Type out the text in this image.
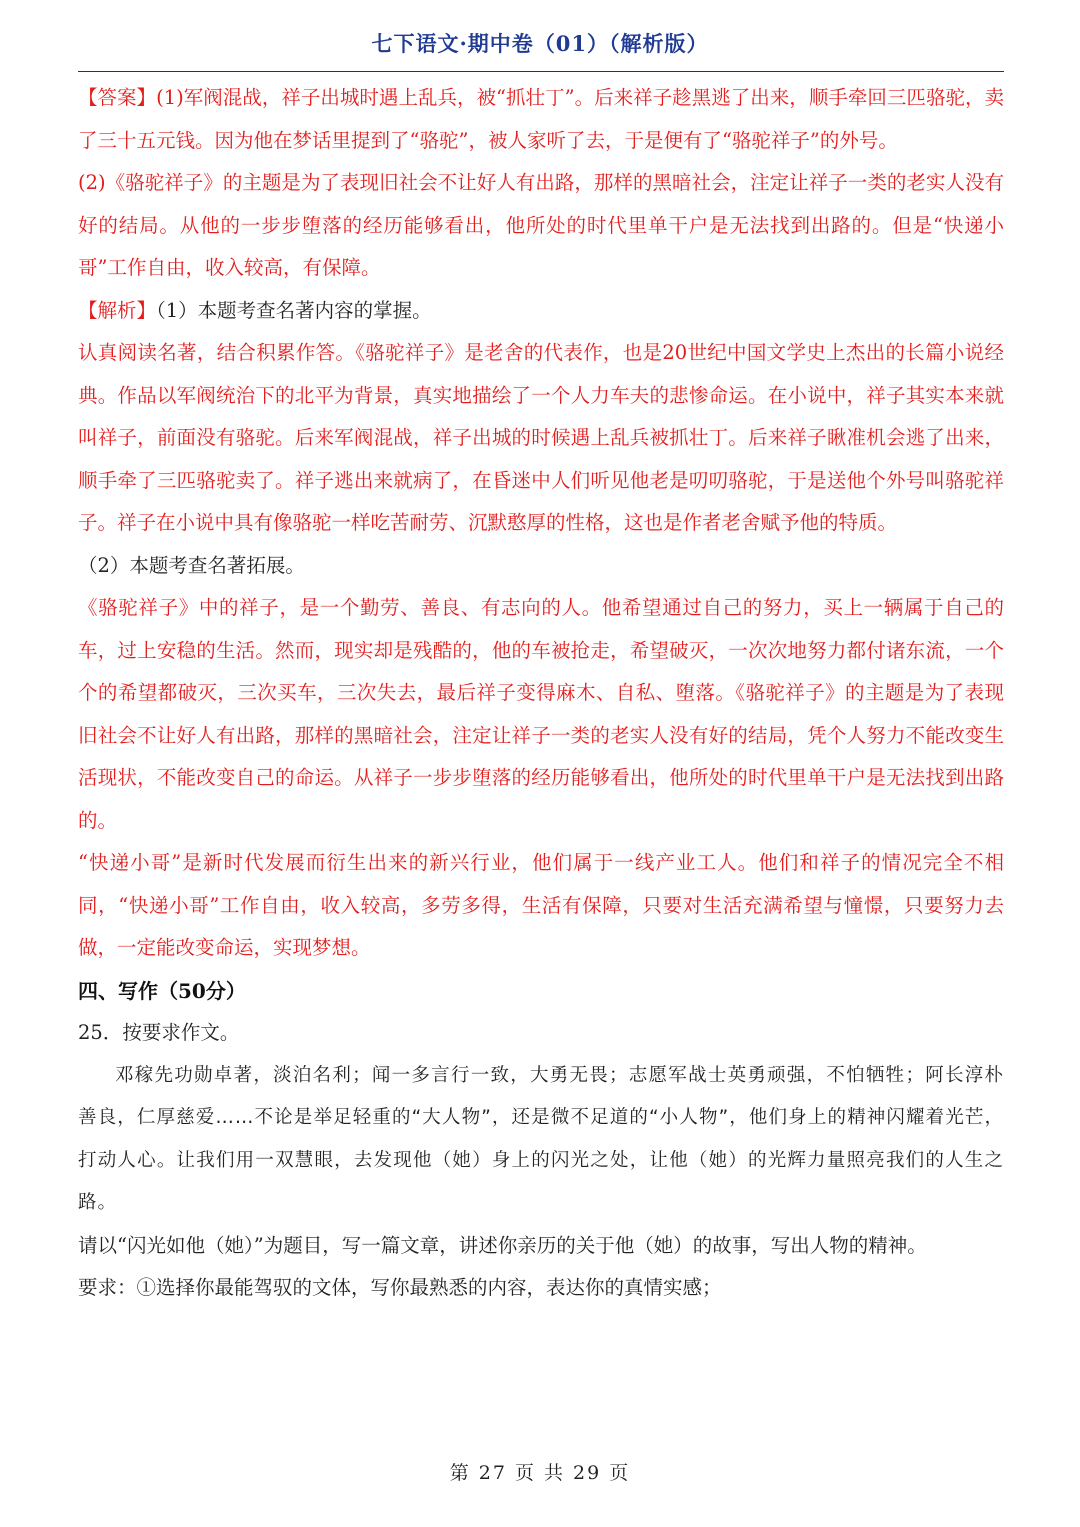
七下语文·期中卷（01）（解析版）

【答案】(1)军阀混战，祥子出城时遇上乱兵，被“抓壮丁”。后来祥子趁黑逃了出来，顺手牵回三匹骆驼，卖了三十五元钱。因为他在梦话里提到了“骆驼”，被人家听了去，于是便有了“骆驼祥子”的外号。

(2)《骆驼祥子》的主题是为了表现旧社会不让好人有出路，那样的黑暗社会，注定让祥子一类的老实人没有好的结局。从他的一步步堕落的经历能够看出，他所处的时代里单干户是无法找到出路的。但是“快递小哥”工作自由，收入较高，有保障。

【解析】（1）本题考查名著内容的掌握。

认真阅读名著，结合积累作答。《骆驼祥子》是老舍的代表作，也是20世纪中国文学史上杰出的长篇小说经典。作品以军阀统治下的北平为背景，真实地描绘了一个人力车夫的悲惨命运。在小说中，祥子其实本来就叫祥子，前面没有骆驼。后来军阀混战，祥子出城的时候遇上乱兵被抓壮丁。后来祥子瞅准机会逃了出来，顺手牵了三匹骆驼卖了。祥子逃出来就病了，在昏迷中人们听见他老是叨叨骆驼，于是送他个外号叫骆驼祥子。祥子在小说中具有像骆驼一样吃苦耐劳、沉默憨厚的性格，这也是作者老舍赋予他的特质。

（2）本题考查名著拓展。

《骆驼祥子》中的祥子，是一个勤劳、善良、有志向的人。他希望通过自己的努力，买上一辆属于自己的车，过上安稳的生活。然而，现实却是残酷的，他的车被抢走，希望破灭，一次次地努力都付诸东流，一个个的希望都破灭，三次买车，三次失去，最后祥子变得麻木、自私、堕落。《骆驼祥子》的主题是为了表现旧社会不让好人有出路，那样的黑暗社会，注定让祥子一类的老实人没有好的结局，凭个人努力不能改变生活现状，不能改变自己的命运。从祥子一步步堕落的经历能够看出，他所处的时代里单干户是无法找到出路的。

“快递小哥”是新时代发展而衍生出来的新兴行业，他们属于一线产业工人。他们和祥子的情况完全不相同，“快递小哥”工作自由，收入较高，多劳多得，生活有保障，只要对生活充满希望与憧憬，只要努力去做，一定能改变命运，实现梦想。

四、写作（50分）

25．按要求作文。

邓稼先功勋卓著，淡泊名利；闻一多言行一致，大勇无畏；志愿军战士英勇顽强，不怕牺牲；阿长淳朴善良，仁厚慈爱……不论是举足轻重的“大人物”，还是微不足道的“小人物”，他们身上的精神闪耀着光芒，打动人心。让我们用一双慧眼，去发现他（她）身上的闪光之处，让他（她）的光辉力量照亮我们的人生之路。

请以“闪光如他（她）”为题目，写一篇文章，讲述你亲历的关于他（她）的故事，写出人物的精神。

要求：①选择你最能驾驭的文体，写你最熟悉的内容，表达你的真情实感；

第 27 页 共 29 页
